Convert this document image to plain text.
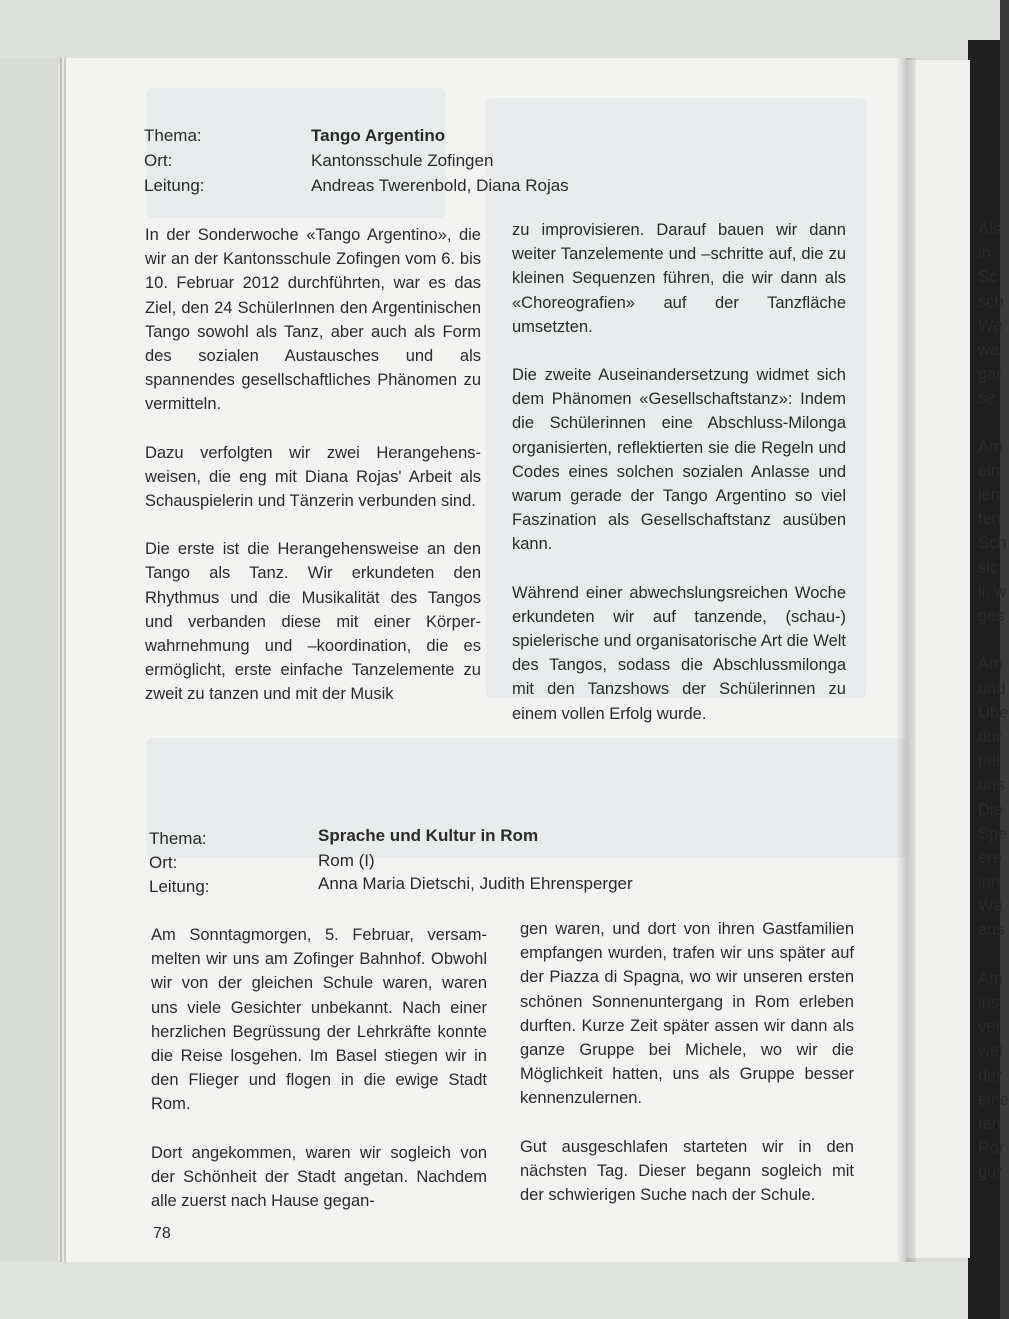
Thema:	Tango Argentino
Ort:	Kantonsschule Zofingen
Leitung:	Andreas Twerenbold, Diana Rojas

In der Sonderwoche «Tango Argentino», die wir an der Kantonsschule Zofingen vom 6. bis 10. Februar 2012 durchführten, war es das Ziel, den 24 SchülerInnen den Argentinischen Tango sowohl als Tanz, aber auch als Form des sozialen Austausches und als spannendes gesellschaftliches Phänomen zu vermitteln.

Dazu verfolgten wir zwei Herangehensweisen, die eng mit Diana Rojas' Arbeit als Schauspielerin und Tänzerin verbunden sind.

Die erste ist die Herangehensweise an den Tango als Tanz. Wir erkundeten den Rhythmus und die Musikalität des Tangos und verbanden diese mit einer Körperwahrnehmung und –koordination, die es ermöglicht, erste einfache Tanzelemente zu zweit zu tanzen und mit der Musik

zu improvisieren. Darauf bauen wir dann weiter Tanzelemente und –schritte auf, die zu kleinen Sequenzen führen, die wir dann als «Choreografien» auf der Tanzfläche umsetzten.

Die zweite Auseinandersetzung widmet sich dem Phänomen «Gesellschaftstanz»: Indem die Schülerinnen eine Abschluss-Milonga organisierten, reflektierten sie die Regeln und Codes eines solchen sozialen Anlasse und warum gerade der Tango Argentino so viel Faszination als Gesellschaftstanz ausüben kann.

Während einer abwechslungsreichen Woche erkundeten wir auf tanzende, (schau-) spielerische und organisatorische Art die Welt des Tangos, sodass die Abschlussmilonga mit den Tanzshows der Schülerinnen zu einem vollen Erfolg wurde.

Thema:	Sprache und Kultur in Rom
Ort:	Rom (I)
Leitung:	Anna Maria Dietschi, Judith Ehrensperger

Am Sonntagmorgen, 5. Februar, versammelten wir uns am Zofinger Bahnhof. Obwohl wir von der gleichen Schule waren, waren uns viele Gesichter unbekannt. Nach einer herzlichen Begrüssung der Lehrkräfte konnte die Reise losgehen. Im Basel stiegen wir in den Flieger und flogen in die ewige Stadt Rom.

Dort angekommen, waren wir sogleich von der Schönheit der Stadt angetan. Nachdem alle zuerst nach Hause gegan-

gen waren, und dort von ihren Gastfamilien empfangen wurden, trafen wir uns später auf der Piazza di Spagna, wo wir unseren ersten schönen Sonnenuntergang in Rom erleben durften. Kurze Zeit später assen wir dann als ganze Gruppe bei Michele, wo wir die Möglichkeit hatten, uns als Gruppe besser kennenzulernen.

Gut ausgeschlafen starteten wir in den nächsten Tag. Dieser begann sogleich mit der schwierigen Suche nach der Schule.

Als
in
Sc
sch
We
wa
gar
se
Am
ein
jen
ten
Sch
sic
li, w
ges
Am
und
Übe
dur
pel
uns
Die
Spe
ere
inn
Wä
aus
Am
ins
ver
wei
der
eine
ten
Ror
gur
78
